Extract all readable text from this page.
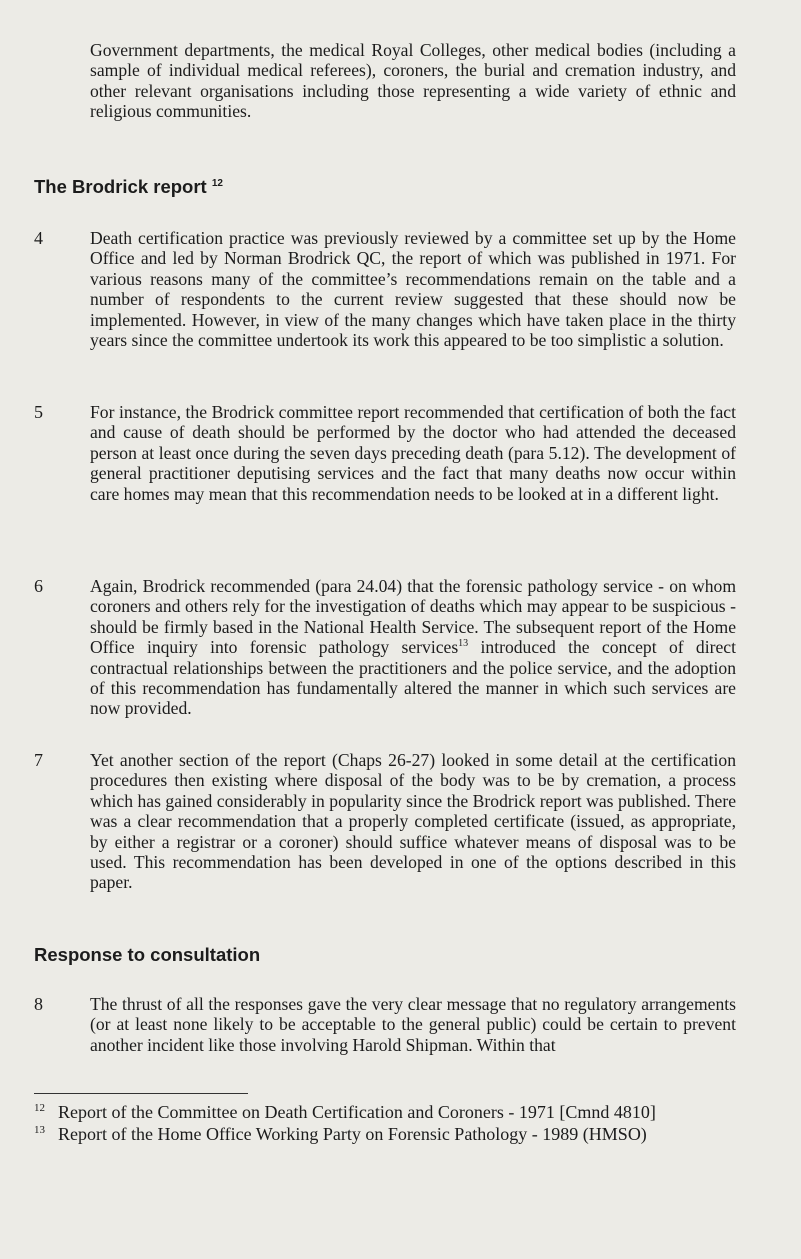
Government departments, the medical Royal Colleges, other medical bodies (including a sample of individual medical referees), coroners, the burial and cremation industry, and other relevant organisations including those representing a wide variety of ethnic and religious communities.

The Brodrick report $^{12}$

4	Death certification practice was previously reviewed by a committee set up by the Home Office and led by Norman Brodrick QC, the report of which was published in 1971. For various reasons many of the committee’s recommendations remain on the table and a number of respondents to the current review suggested that these should now be implemented. However, in view of the many changes which have taken place in the thirty years since the committee undertook its work this appeared to be too simplistic a solution.

5	For instance, the Brodrick committee report recommended that certification of both the fact and cause of death should be performed by the doctor who had attended the deceased person at least once during the seven days preceding death (para 5.12). The development of general practitioner deputising services and the fact that many deaths now occur within care homes may mean that this recommendation needs to be looked at in a different light.

6	Again, Brodrick recommended (para 24.04) that the forensic pathology service - on whom coroners and others rely for the investigation of deaths which may appear to be suspicious - should be firmly based in the National Health Service. The subsequent report of the Home Office inquiry into forensic pathology services$^{13}$ introduced the concept of direct contractual relationships between the practitioners and the police service, and the adoption of this recommendation has fundamentally altered the manner in which such services are now provided.

7	Yet another section of the report (Chaps 26-27) looked in some detail at the certification procedures then existing where disposal of the body was to be by cremation, a process which has gained considerably in popularity since the Brodrick report was published. There was a clear recommendation that a properly completed certificate (issued, as appropriate, by either a registrar or a coroner) should suffice whatever means of disposal was to be used. This recommendation has been developed in one of the options described in this paper.

Response to consultation

8	The thrust of all the responses gave the very clear message that no regulatory arrangements (or at least none likely to be acceptable to the general public) could be certain to prevent another incident like those involving Harold Shipman. Within that

12 Report of the Committee on Death Certification and Coroners - 1971 [Cmnd 4810]

13 Report of the Home Office Working Party on Forensic Pathology - 1989 (HMSO)
